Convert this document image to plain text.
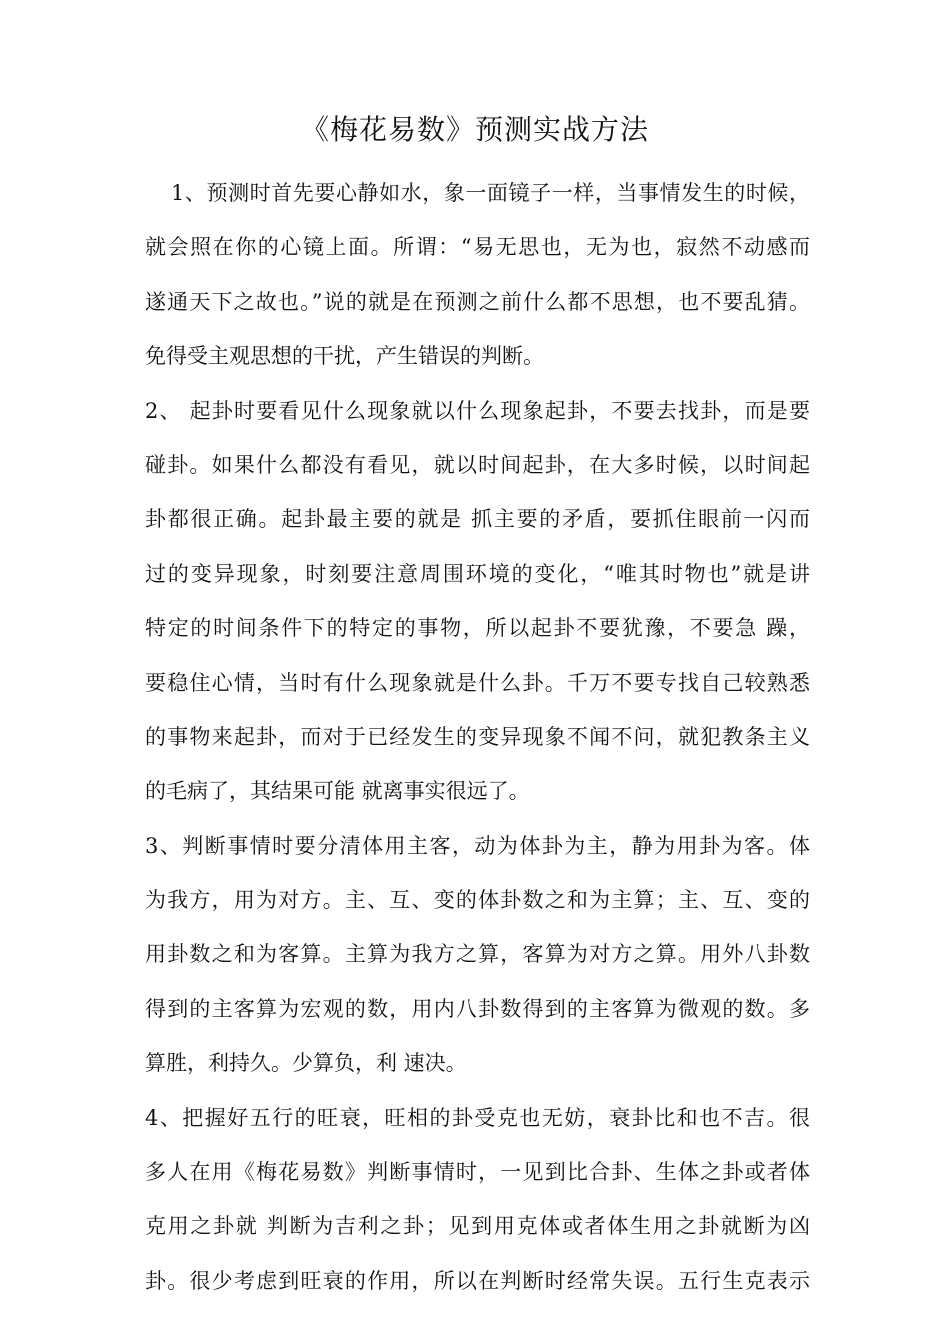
《梅花易数》预测实战方法
1、预测时首先要心静如水，象一面镜子一样，当事情发生的时候，
就会照在你的心镜上面。所谓：“易无思也，无为也，寂然不动感而
遂通天下之故也。”说的就是在预测之前什么都不思想，也不要乱猜。
免得受主观思想的干扰，产生错误的判断。
2、 起卦时要看见什么现象就以什么现象起卦，不要去找卦，而是要
碰卦。如果什么都没有看见，就以时间起卦，在大多时候，以时间起
卦都很正确。起卦最主要的就是 抓主要的矛盾，要抓住眼前一闪而
过的变异现象，时刻要注意周围环境的变化，“唯其时物也”就是讲
特定的时间条件下的特定的事物，所以起卦不要犹豫，不要急 躁，
要稳住心情，当时有什么现象就是什么卦。千万不要专找自己较熟悉
的事物来起卦，而对于已经发生的变异现象不闻不问，就犯教条主义
的毛病了，其结果可能 就离事实很远了。
3、判断事情时要分清体用主客，动为体卦为主，静为用卦为客。体
为我方，用为对方。主、互、变的体卦数之和为主算；主、互、变的
用卦数之和为客算。主算为我方之算，客算为对方之算。用外八卦数
得到的主客算为宏观的数，用内八卦数得到的主客算为微观的数。多
算胜，利持久。少算负，利 速决。
4、把握好五行的旺衰，旺相的卦受克也无妨，衰卦比和也不吉。很
多人在用《梅花易数》判断事情时，一见到比合卦、生体之卦或者体
克用之卦就 判断为吉利之卦；见到用克体或者体生用之卦就断为凶
卦。很少考虑到旺衰的作用，所以在判断时经常失误。五行生克表示
